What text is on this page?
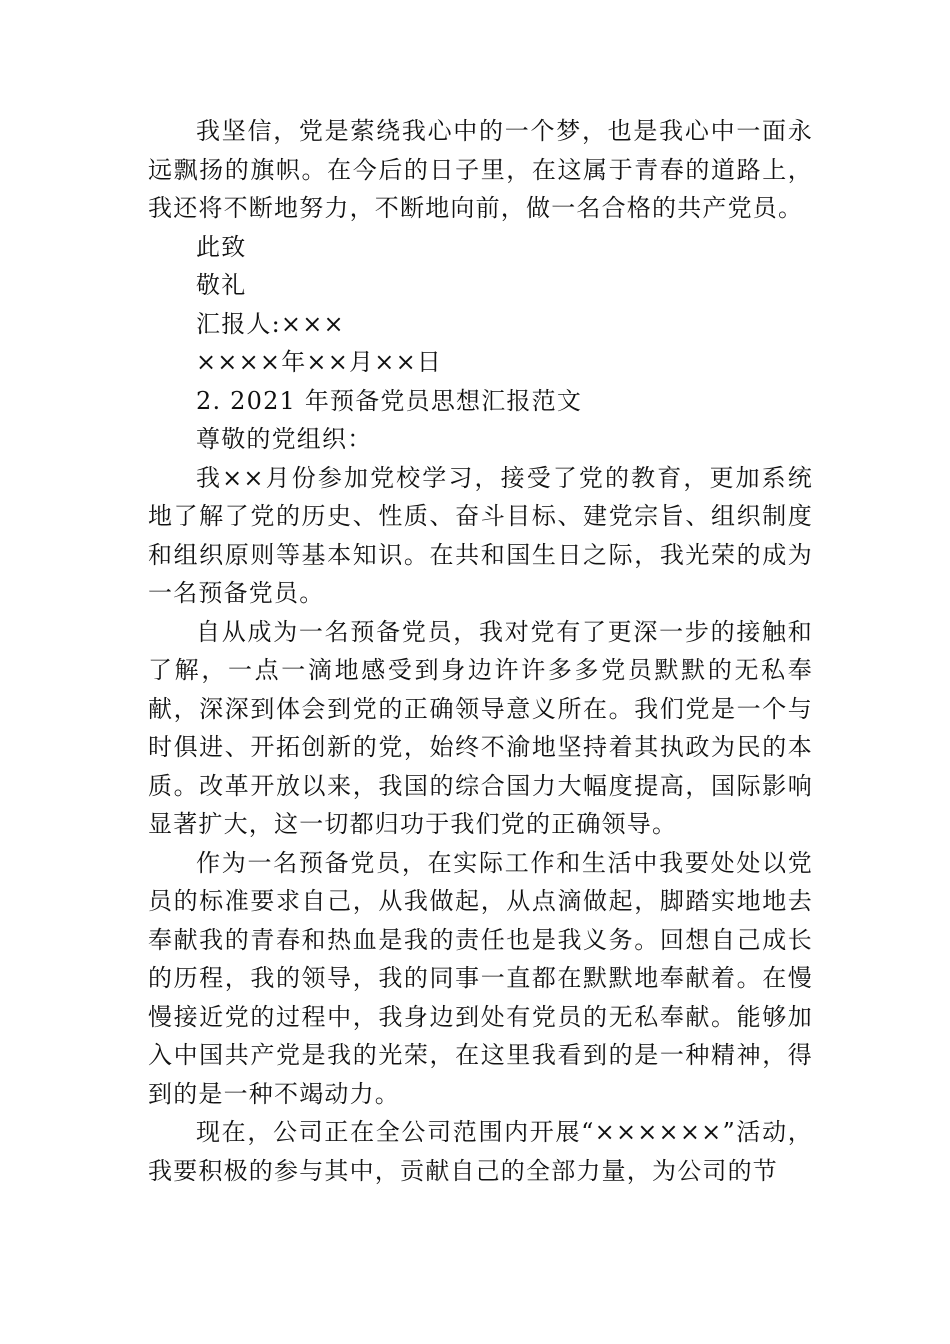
我坚信，党是萦绕我心中的一个梦，也是我心中一面永远飘扬的旗帜。在今后的日子里，在这属于青春的道路上，我还将不断地努力，不断地向前，做一名合格的共产党员。

此致

敬礼

汇报人:×××

××××年××月××日

2. 2021 年预备党员思想汇报范文

尊敬的党组织：

我××月份参加党校学习，接受了党的教育，更加系统地了解了党的历史、性质、奋斗目标、建党宗旨、组织制度和组织原则等基本知识。在共和国生日之际，我光荣的成为一名预备党员。

自从成为一名预备党员，我对党有了更深一步的接触和了解，一点一滴地感受到身边许许多多党员默默的无私奉献，深深到体会到党的正确领导意义所在。我们党是一个与时俱进、开拓创新的党，始终不渝地坚持着其执政为民的本质。改革开放以来，我国的综合国力大幅度提高，国际影响显著扩大，这一切都归功于我们党的正确领导。

作为一名预备党员，在实际工作和生活中我要处处以党员的标准要求自己，从我做起，从点滴做起，脚踏实地地去奉献我的青春和热血是我的责任也是我义务。回想自己成长的历程，我的领导，我的同事一直都在默默地奉献着。在慢慢接近党的过程中，我身边到处有党员的无私奉献。能够加入中国共产党是我的光荣，在这里我看到的是一种精神，得到的是一种不竭动力。

现在，公司正在全公司范围内开展“××××××”活动，我要积极的参与其中，贡献自己的全部力量，为公司的节
